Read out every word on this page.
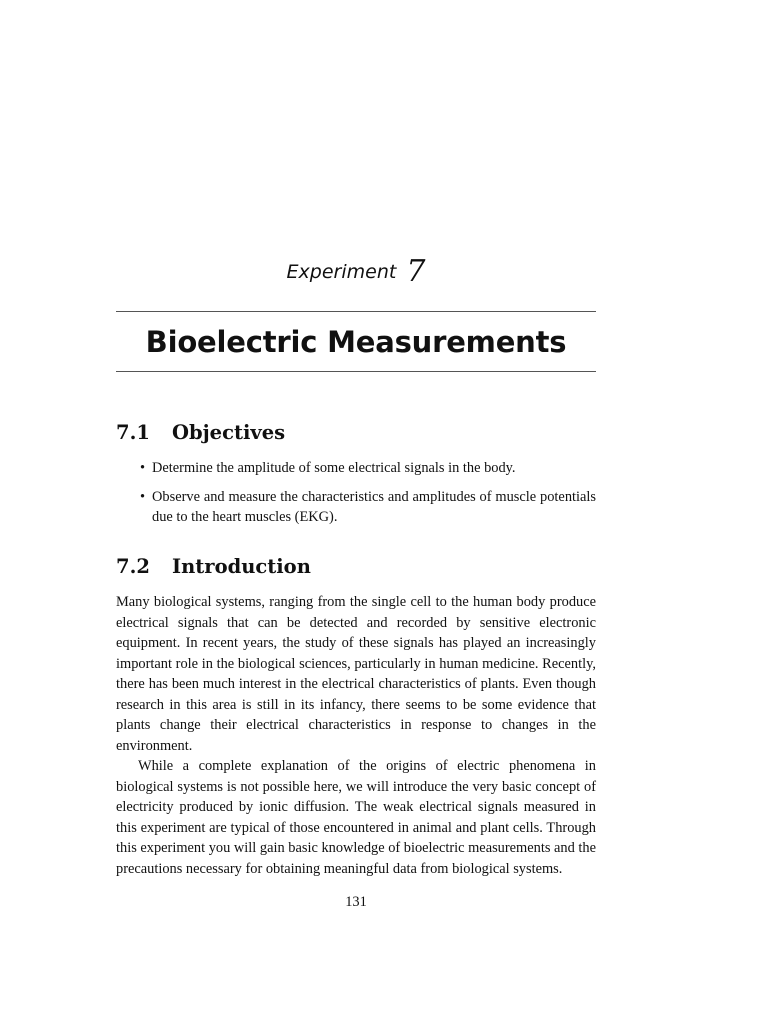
Experiment 7
Bioelectric Measurements
7.1 Objectives
• Determine the amplitude of some electrical signals in the body.
• Observe and measure the characteristics and amplitudes of muscle potentials due to the heart muscles (EKG).
7.2 Introduction

Many biological systems, ranging from the single cell to the human body produce electrical signals that can be detected and recorded by sensitive electronic equipment. In recent years, the study of these signals has played an increasingly important role in the biological sciences, particularly in human medicine. Recently, there has been much interest in the electrical characteristics of plants. Even though research in this area is still in its infancy, there seems to be some evidence that plants change their electrical characteristics in response to changes in the environment.

While a complete explanation of the origins of electric phenomena in biological systems is not possible here, we will introduce the very basic concept of electricity produced by ionic diffusion. The weak electrical signals measured in this experiment are typical of those encountered in animal and plant cells. Through this experiment you will gain basic knowledge of bioelectric measurements and the precautions necessary for obtaining meaningful data from biological systems.

131
